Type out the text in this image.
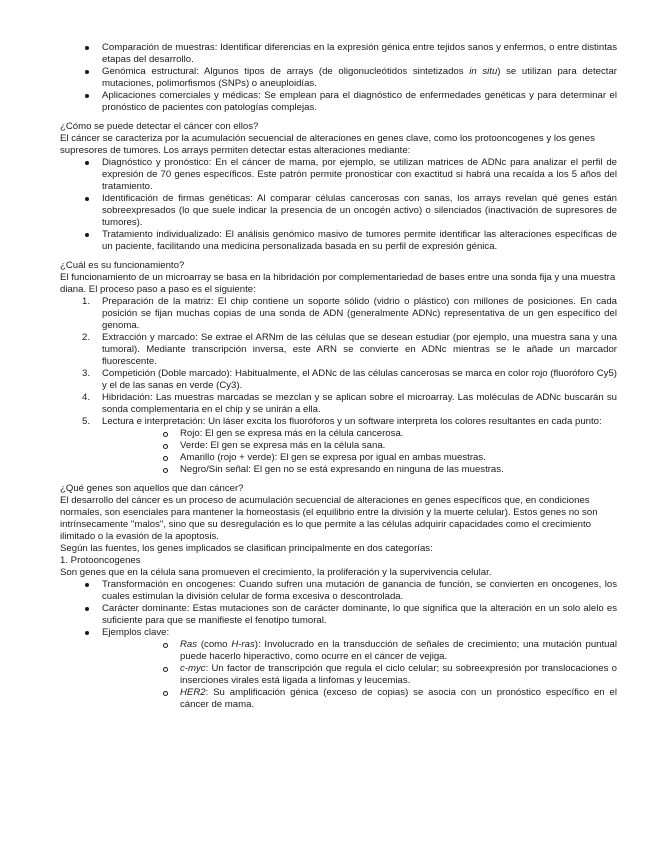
Comparación de muestras: Identificar diferencias en la expresión génica entre tejidos sanos y enfermos, o entre distintas etapas del desarrollo.
Genómica estructural: Algunos tipos de arrays (de oligonucleótidos sintetizados in situ) se utilizan para detectar mutaciones, polimorfismos (SNPs) o aneuploidías.
Aplicaciones comerciales y médicas: Se emplean para el diagnóstico de enfermedades genéticas y para determinar el pronóstico de pacientes con patologías complejas.
¿Cómo se puede detectar el cáncer con ellos?

El cáncer se caracteriza por la acumulación secuencial de alteraciones en genes clave, como los protooncogenes y los genes supresores de tumores. Los arrays permiten detectar estas alteraciones mediante:

Diagnóstico y pronóstico: En el cáncer de mama, por ejemplo, se utilizan matrices de ADNc para analizar el perfil de expresión de 70 genes específicos. Este patrón permite pronosticar con exactitud si habrá una recaída a los 5 años del tratamiento.
Identificación de firmas genéticas: Al comparar células cancerosas con sanas, los arrays revelan qué genes están sobreexpresados (lo que suele indicar la presencia de un oncogén activo) o silenciados (inactivación de supresores de tumores).
Tratamiento individualizado: El análisis genómico masivo de tumores permite identificar las alteraciones específicas de un paciente, facilitando una medicina personalizada basada en su perfil de expresión génica.
¿Cuál es su funcionamiento?

El funcionamiento de un microarray se basa en la hibridación por complementariedad de bases entre una sonda fija y una muestra diana. El proceso paso a paso es el siguiente:

1. Preparación de la matriz: El chip contiene un soporte sólido (vidrio o plástico) con millones de posiciones. En cada posición se fijan muchas copias de una sonda de ADN (generalmente ADNc) representativa de un gen específico del genoma.
2. Extracción y marcado: Se extrae el ARNm de las células que se desean estudiar (por ejemplo, una muestra sana y una tumoral). Mediante transcripción inversa, este ARN se convierte en ADNc mientras se le añade un marcador fluorescente.
3. Competición (Doble marcado): Habitualmente, el ADNc de las células cancerosas se marca en color rojo (fluoróforo Cy5) y el de las sanas en verde (Cy3).
4. Hibridación: Las muestras marcadas se mezclan y se aplican sobre el microarray. Las moléculas de ADNc buscarán su sonda complementaria en el chip y se unirán a ella.
5. Lectura e interpretación: Un láser excita los fluoróforos y un software interpreta los colores resultantes en cada punto:
Rojo: El gen se expresa más en la célula cancerosa.
Verde: El gen se expresa más en la célula sana.
Amarillo (rojo + verde): El gen se expresa por igual en ambas muestras.
Negro/Sin señal: El gen no se está expresando en ninguna de las muestras.
¿Qué genes son aquellos que dan cáncer?

El desarrollo del cáncer es un proceso de acumulación secuencial de alteraciones en genes específicos que, en condiciones normales, son esenciales para mantener la homeostasis (el equilibrio entre la división y la muerte celular). Estos genes no son intrínsecamente "malos", sino que su desregulación es lo que permite a las células adquirir capacidades como el crecimiento ilimitado o la evasión de la apoptosis.

Según las fuentes, los genes implicados se clasifican principalmente en dos categorías:

1. Protooncogenes

Son genes que en la célula sana promueven el crecimiento, la proliferación y la supervivencia celular.

Transformación en oncogenes: Cuando sufren una mutación de ganancia de función, se convierten en oncogenes, los cuales estimulan la división celular de forma excesiva o descontrolada.
Carácter dominante: Estas mutaciones son de carácter dominante, lo que significa que la alteración en un solo alelo es suficiente para que se manifieste el fenotipo tumoral.
Ejemplos clave:
Ras (como H-ras): Involucrado en la transducción de señales de crecimiento; una mutación puntual puede hacerlo hiperactivo, como ocurre en el cáncer de vejiga.
c-myc: Un factor de transcripción que regula el ciclo celular; su sobreexpresión por translocaciones o inserciones virales está ligada a linfomas y leucemias.
HER2: Su amplificación génica (exceso de copias) se asocia con un pronóstico específico en el cáncer de mama.
